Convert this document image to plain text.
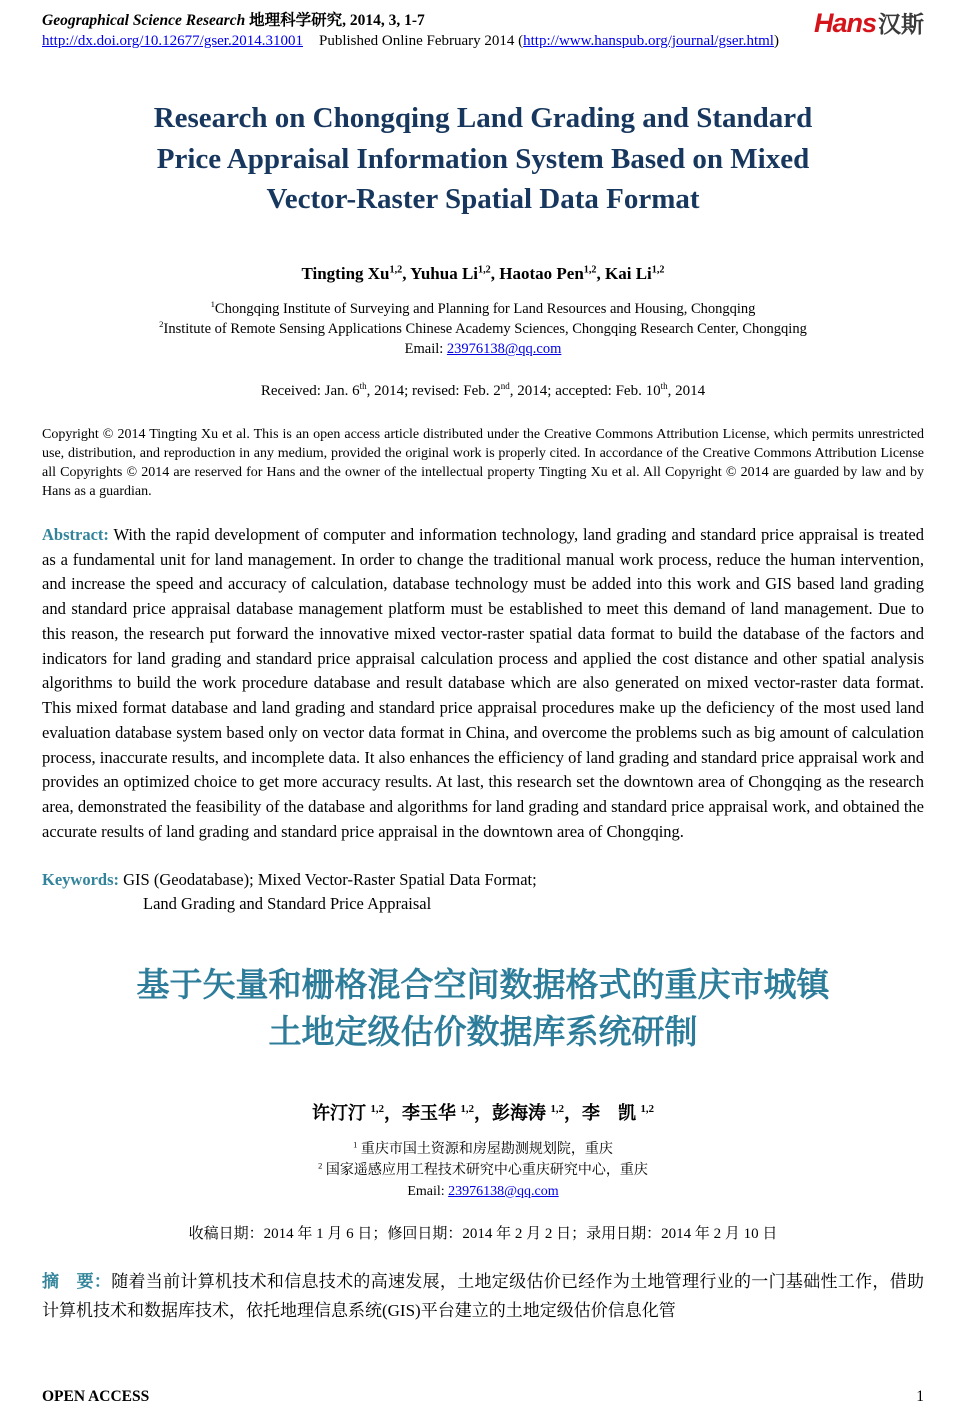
Geographical Science Research 地理科学研究, 2014, 3, 1-7
http://dx.doi.org/10.12677/gser.2014.31001 Published Online February 2014 (http://www.hanspub.org/journal/gser.html)
Hans汉斯
Research on Chongqing Land Grading and Standard
Price Appraisal Information System Based on Mixed
Vector-Raster Spatial Data Format
Tingting Xu$^{1,2}$, Yuhua Li$^{1,2}$, Haotao Pen$^{1,2}$, Kai Li$^{1,2}$
$^1$Chongqing Institute of Surveying and Planning for Land Resources and Housing, Chongqing
$^2$Institute of Remote Sensing Applications Chinese Academy Sciences, Chongqing Research Center, Chongqing
Email: 23976138@qq.com
Received: Jan. 6th, 2014; revised: Feb. 2nd, 2014; accepted: Feb. 10th, 2014

Copyright © 2014 Tingting Xu et al. This is an open access article distributed under the Creative Commons Attribution License, which permits unrestricted use, distribution, and reproduction in any medium, provided the original work is properly cited. In accordance of the Creative Commons Attribution License all Copyrights © 2014 are reserved for Hans and the owner of the intellectual property Tingting Xu et al. All Copyright © 2014 are guarded by law and by Hans as a guardian.

Abstract: With the rapid development of computer and information technology, land grading and standard price appraisal is treated as a fundamental unit for land management. In order to change the traditional manual work process, reduce the human intervention, and increase the speed and accuracy of calculation, database technology must be added into this work and GIS based land grading and standard price appraisal database management platform must be established to meet this demand of land management. Due to this reason, the research put forward the innovative mixed vector-raster spatial data format to build the database of the factors and indicators for land grading and standard price appraisal calculation process and applied the cost distance and other spatial analysis algorithms to build the work procedure database and result database which are also generated on mixed vector-raster data format. This mixed format database and land grading and standard price appraisal procedures make up the deficiency of the most used land evaluation database system based only on vector data format in China, and overcome the problems such as big amount of calculation process, inaccurate results, and incomplete data. It also enhances the efficiency of land grading and standard price appraisal work and provides an optimized choice to get more accuracy results. At last, this research set the downtown area of Chongqing as the research area, demonstrated the feasibility of the database and algorithms for land grading and standard price appraisal work, and obtained the accurate results of land grading and standard price appraisal in the downtown area of Chongqing.

Keywords: GIS (Geodatabase); Mixed Vector-Raster Spatial Data Format;
Land Grading and Standard Price Appraisal
基于矢量和栅格混合空间数据格式的重庆市城镇
土地定级估价数据库系统研制
许汀汀 $^{1,2}$，李玉华 $^{1,2}$，彭海涛 $^{1,2}$，李　凯 $^{1,2}$
$^1$ 重庆市国土资源和房屋勘测规划院，重庆
$^2$ 国家遥感应用工程技术研究中心重庆研究中心，重庆
Email: 23976138@qq.com
收稿日期：2014 年 1 月 6 日；修回日期：2014 年 2 月 2 日；录用日期：2014 年 2 月 10 日

摘　要：随着当前计算机技术和信息技术的高速发展，土地定级估价已经作为土地管理行业的一门基础性工作，借助计算机技术和数据库技术，依托地理信息系统(GIS)平台建立的土地定级估价信息化管

OPEN ACCESS	1
